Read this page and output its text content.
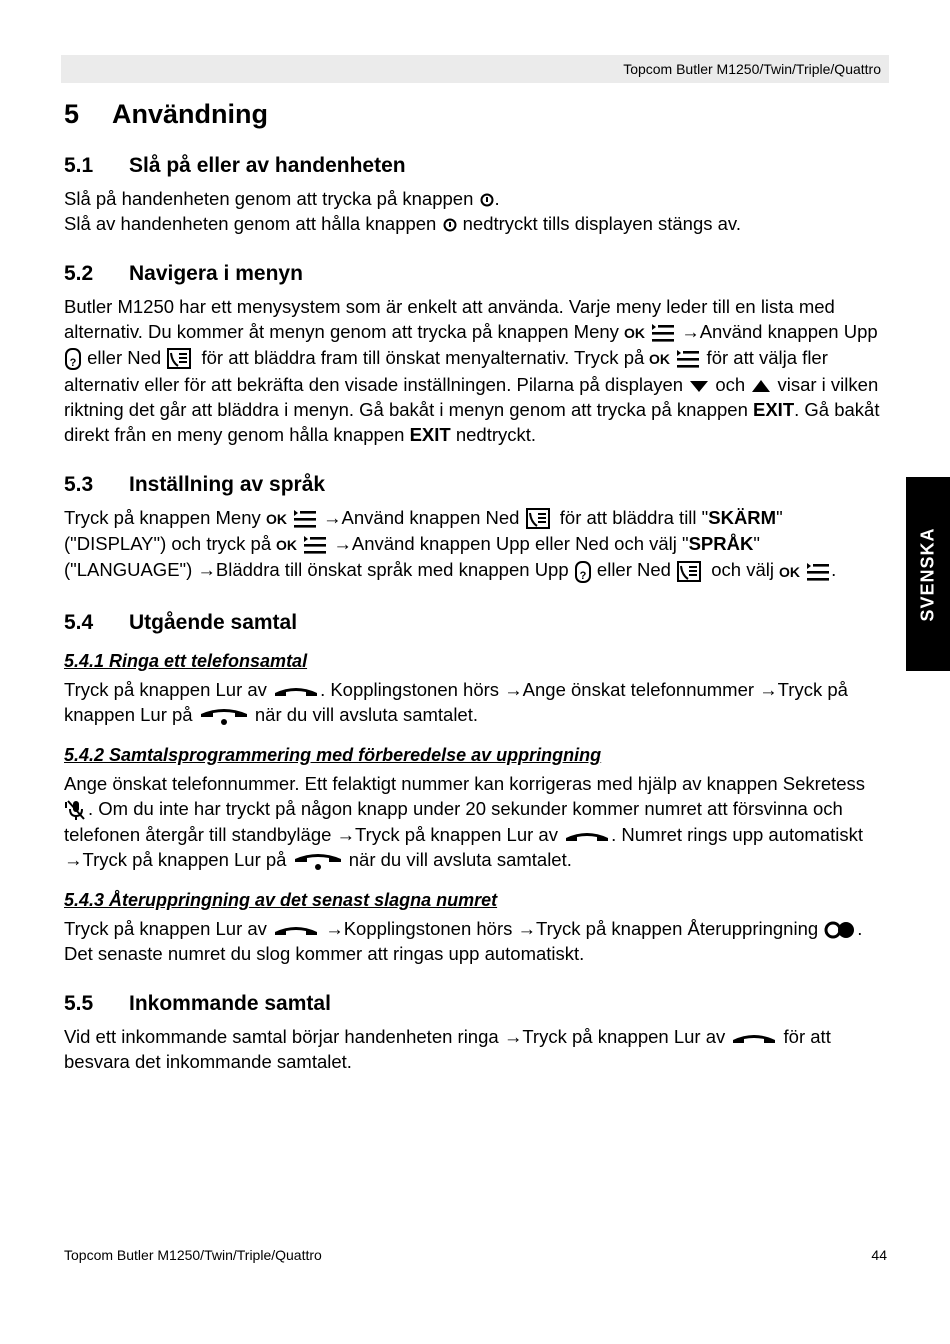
Topcom Butler M1250/Twin/Triple/Quattro
SVENSKA
5	Användning
5.1	Slå på eller av handenheten

Slå på handenheten genom att trycka på knappen .
Slå av handenheten genom att hålla knappen
nedtryckt tills displayen stängs av.

5.2	Navigera i menyn

Butler M1250 har ett menysystem som är enkelt att använda. Varje meny leder till en lista med alternativ. Du kommer åt menyn genom att trycka på knappen Meny	→Använd knappen Upp
eller Ned
för att bläddra fram till önskat menyalternativ. Tryck på	för att välja fler alternativ eller för att bekräfta den visade inställningen. Pilarna på displayen
och
visar i vilken riktning det går att bläddra i menyn. Gå bakåt i menyn genom att trycka på knappen EXIT. Gå bakåt direkt från en meny genom hålla knappen EXIT nedtryckt.

5.3	Inställning av språk

Tryck på knappen Meny	→Använd knappen Ned
för att bläddra till "SKÄRM" ("DISPLAY") och tryck på	→Använd knappen Upp eller Ned och välj "SPRÅK" ("LANGUAGE") →Bläddra till önskat språk med knappen Upp
eller Ned
och välj	.

5.4	Utgående samtal
5.4.1 Ringa ett telefonsamtal

Tryck på knappen Lur av	. Kopplingstonen hörs →Ange önskat telefonnummer →Tryck på knappen Lur på	när du vill avsluta samtalet.

5.4.2 Samtalsprogrammering med förberedelse av uppringning

Ange önskat telefonnummer. Ett felaktigt nummer kan korrigeras med hjälp av knappen Sekretess
. Om du inte har tryckt på någon knapp under 20 sekunder kommer numret att försvinna och telefonen återgår till standbyläge →Tryck på knappen Lur av	. Numret rings upp automatiskt →Tryck på knappen Lur på	när du vill avsluta samtalet.

5.4.3 Återuppringning av det senast slagna numret

Tryck på knappen Lur av	→Kopplingstonen hörs →Tryck på knappen Återuppringning . Det senaste numret du slog kommer att ringas upp automatiskt.

5.5	Inkommande samtal

Vid ett inkommande samtal börjar handenheten ringa →Tryck på knappen Lur av	för att besvara det inkommande samtalet.

Topcom Butler M1250/Twin/Triple/Quattro	44
